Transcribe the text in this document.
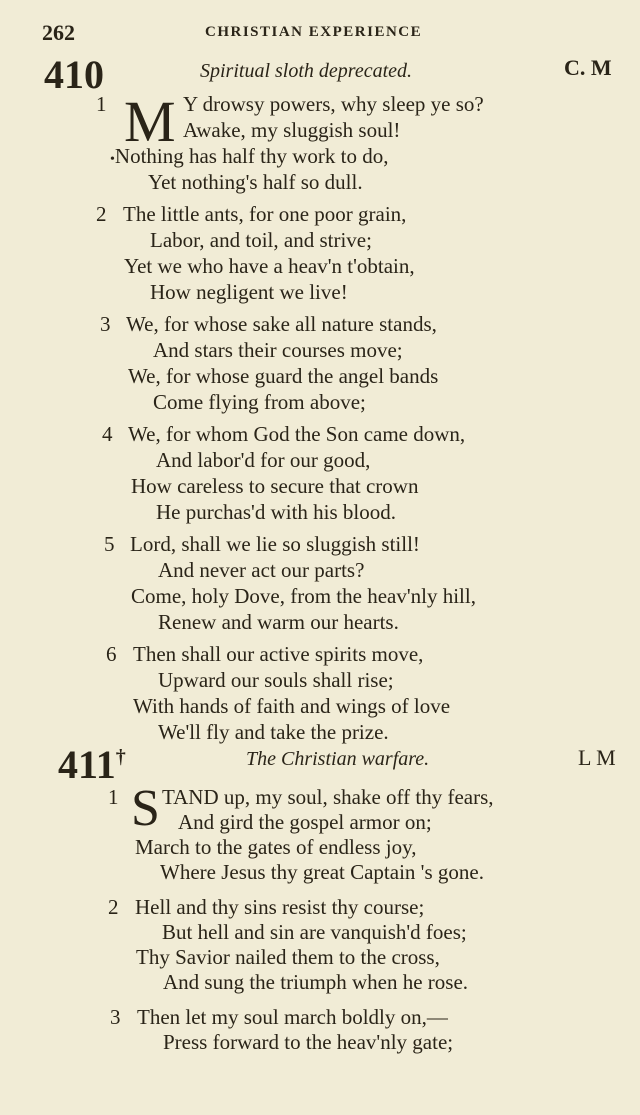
262	CHRISTIAN EXPERIENCE
410	Spiritual sloth deprecated.	C. M
M
1	Y drowsy powers, why sleep ye so?
Awake, my sluggish soul!
•Nothing has half thy work to do,
Yet nothing's half so dull.
2 The little ants, for one poor grain,
Labor, and toil, and strive;
Yet we who have a heav'n t'obtain,
How negligent we live!
3 We, for whose sake all nature stands,
And stars their courses move;
We, for whose guard the angel bands
Come flying from above;
4 We, for whom God the Son came down,
And labor'd for our good,
How careless to secure that crown
He purchas'd with his blood.
5 Lord, shall we lie so sluggish still!
And never act our parts?
Come, holy Dove, from the heav'nly hill,
Renew and warm our hearts.
6 Then shall our active spirits move,
Upward our souls shall rise;
With hands of faith and wings of love
We'll fly and take the prize.
411†	The Christian warfare.	L M
S
1 TAND up, my soul, shake off thy fears,
And gird the gospel armor on;
March to the gates of endless joy,
Where Jesus thy great Captain 's gone.
2 Hell and thy sins resist thy course;
But hell and sin are vanquish'd foes;
Thy Savior nailed them to the cross,
And sung the triumph when he rose.
3 Then let my soul march boldly on,—
Press forward to the heav'nly gate;
